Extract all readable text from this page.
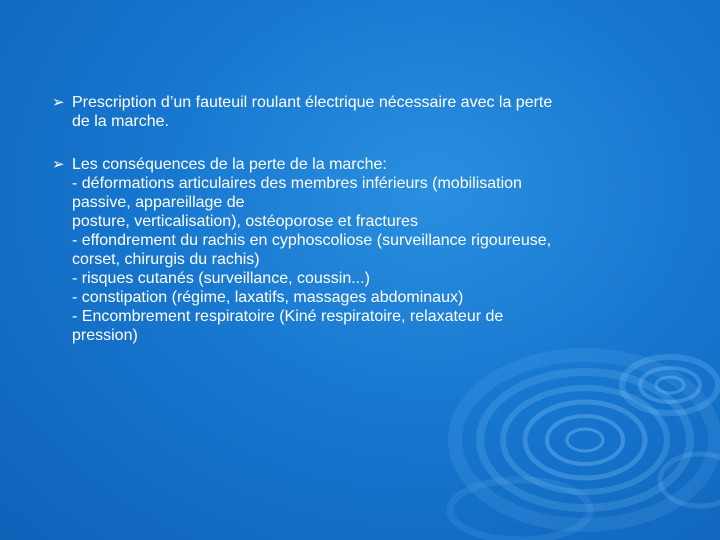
➢ Prescription d’un fauteuil roulant électrique nécessaire avec la perte
de la marche.
➢ Les conséquences de la perte de la marche:
- déformations articulaires des membres inférieurs (mobilisation
passive, appareillage de
posture, verticalisation), ostéoporose et fractures
- effondrement du rachis en cyphoscoliose (surveillance rigoureuse,
corset, chirurgis du rachis)
- risques cutanés (surveillance, coussin...)
- constipation (régime, laxatifs, massages abdominaux)
- Encombrement respiratoire (Kiné respiratoire, relaxateur de
pression)
